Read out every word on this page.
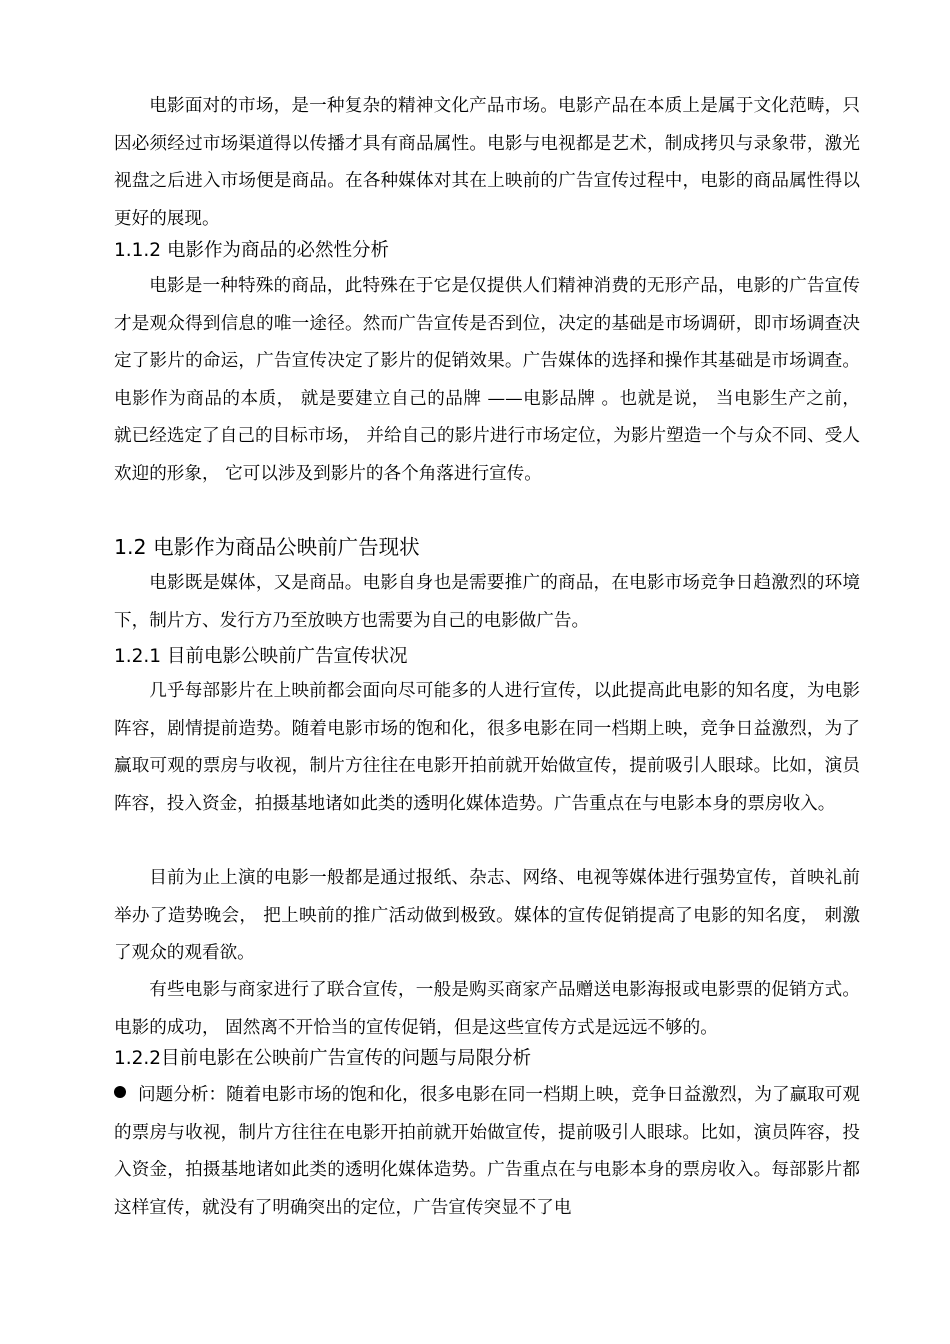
电影面对的市场，是一种复杂的精神文化产品市场。电影产品在本质上是属于文化范畴，只因必须经过市场渠道得以传播才具有商品属性。电影与电视都是艺术，制成拷贝与录象带，激光视盘之后进入市场便是商品。在各种媒体对其在上映前的广告宣传过程中，电影的商品属性得以更好的展现。

1.1.2 电影作为商品的必然性分析

电影是一种特殊的商品，此特殊在于它是仅提供人们精神消费的无形产品，电影的广告宣传才是观众得到信息的唯一途径。然而广告宣传是否到位，决定的基础是市场调研，即市场调查决定了影片的命运，广告宣传决定了影片的促销效果。广告媒体的选择和操作其基础是市场调查。电影作为商品的本质， 就是要建立自己的品牌 ——电影品牌 。也就是说， 当电影生产之前， 就已经选定了自己的目标市场， 并给自己的影片进行市场定位，为影片塑造一个与众不同、受人欢迎的形象， 它可以涉及到影片的各个角落进行宣传。

1.2 电影作为商品公映前广告现状

电影既是媒体，又是商品。电影自身也是需要推广的商品，在电影市场竞争日趋激烈的环境下，制片方、发行方乃至放映方也需要为自己的电影做广告。

1.2.1 目前电影公映前广告宣传状况

几乎每部影片在上映前都会面向尽可能多的人进行宣传，以此提高此电影的知名度，为电影阵容，剧情提前造势。随着电影市场的饱和化，很多电影在同一档期上映，竞争日益激烈，为了赢取可观的票房与收视，制片方往往在电影开拍前就开始做宣传，提前吸引人眼球。比如，演员阵容，投入资金，拍摄基地诸如此类的透明化媒体造势。广告重点在与电影本身的票房收入。

目前为止上演的电影一般都是通过报纸、杂志、网络、电视等媒体进行强势宣传，首映礼前举办了造势晚会， 把上映前的推广活动做到极致。媒体的宣传促销提高了电影的知名度， 刺激了观众的观看欲。

有些电影与商家进行了联合宣传，一般是购买商家产品赠送电影海报或电影票的促销方式。电影的成功， 固然离不开恰当的宣传促销，但是这些宣传方式是远远不够的。

1.2.2目前电影在公映前广告宣传的问题与局限分析

问题分析：随着电影市场的饱和化，很多电影在同一档期上映，竞争日益激烈，为了赢取可观的票房与收视，制片方往往在电影开拍前就开始做宣传，提前吸引人眼球。比如，演员阵容，投入资金，拍摄基地诸如此类的透明化媒体造势。广告重点在与电影本身的票房收入。每部影片都这样宣传，就没有了明确突出的定位，广告宣传突显不了电
